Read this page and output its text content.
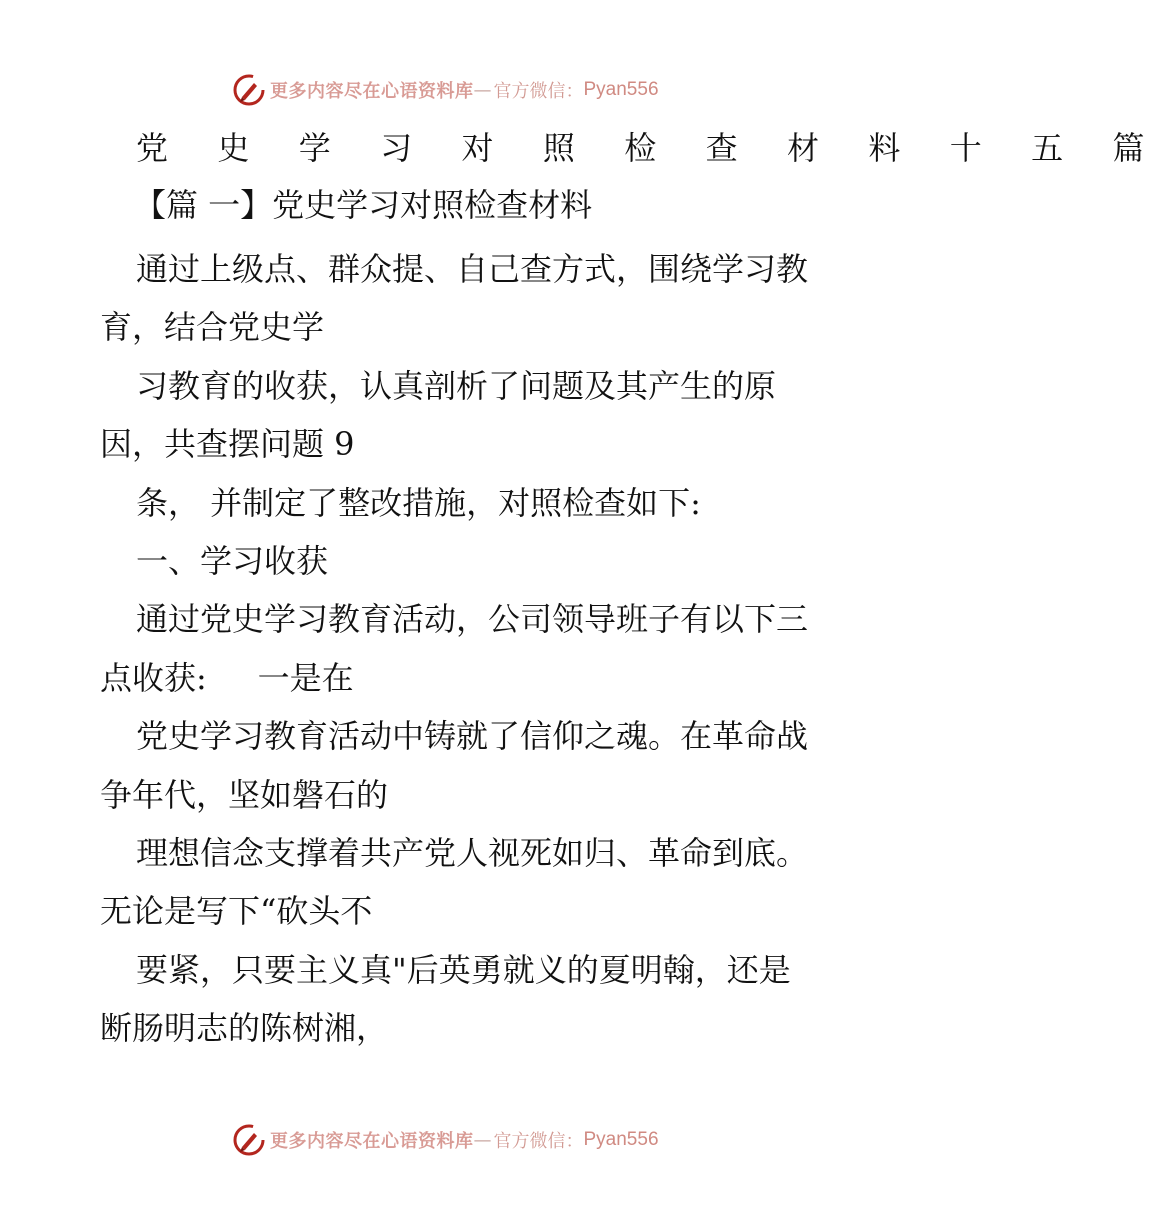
更多内容尽在心语资料库 — 官方微信： Pyan556
党 史 学 习 对 照 检 查 材 料 十 五 篇
【篇 一】党史学习对照检查材料

通过上级点、群众提、自己查方式，围绕学习教

育，结合党史学

习教育的收获，认真剖析了问题及其产生的原

因，共查摆问题 9

条， 并制定了整改措施，对照检查如下:

一、学习收获

通过党史学习教育活动，公司领导班子有以下三

点收获:     一是在

党史学习教育活动中铸就了信仰之魂。在革命战

争年代，坚如磐石的

理想信念支撑着共产党人视死如归、革命到底。

无论是写下“砍头不

要紧，只要主义真"后英勇就义的夏明翰，还是

断肠明志的陈树湘，

更多内容尽在心语资料库 — 官方微信： Pyan556
